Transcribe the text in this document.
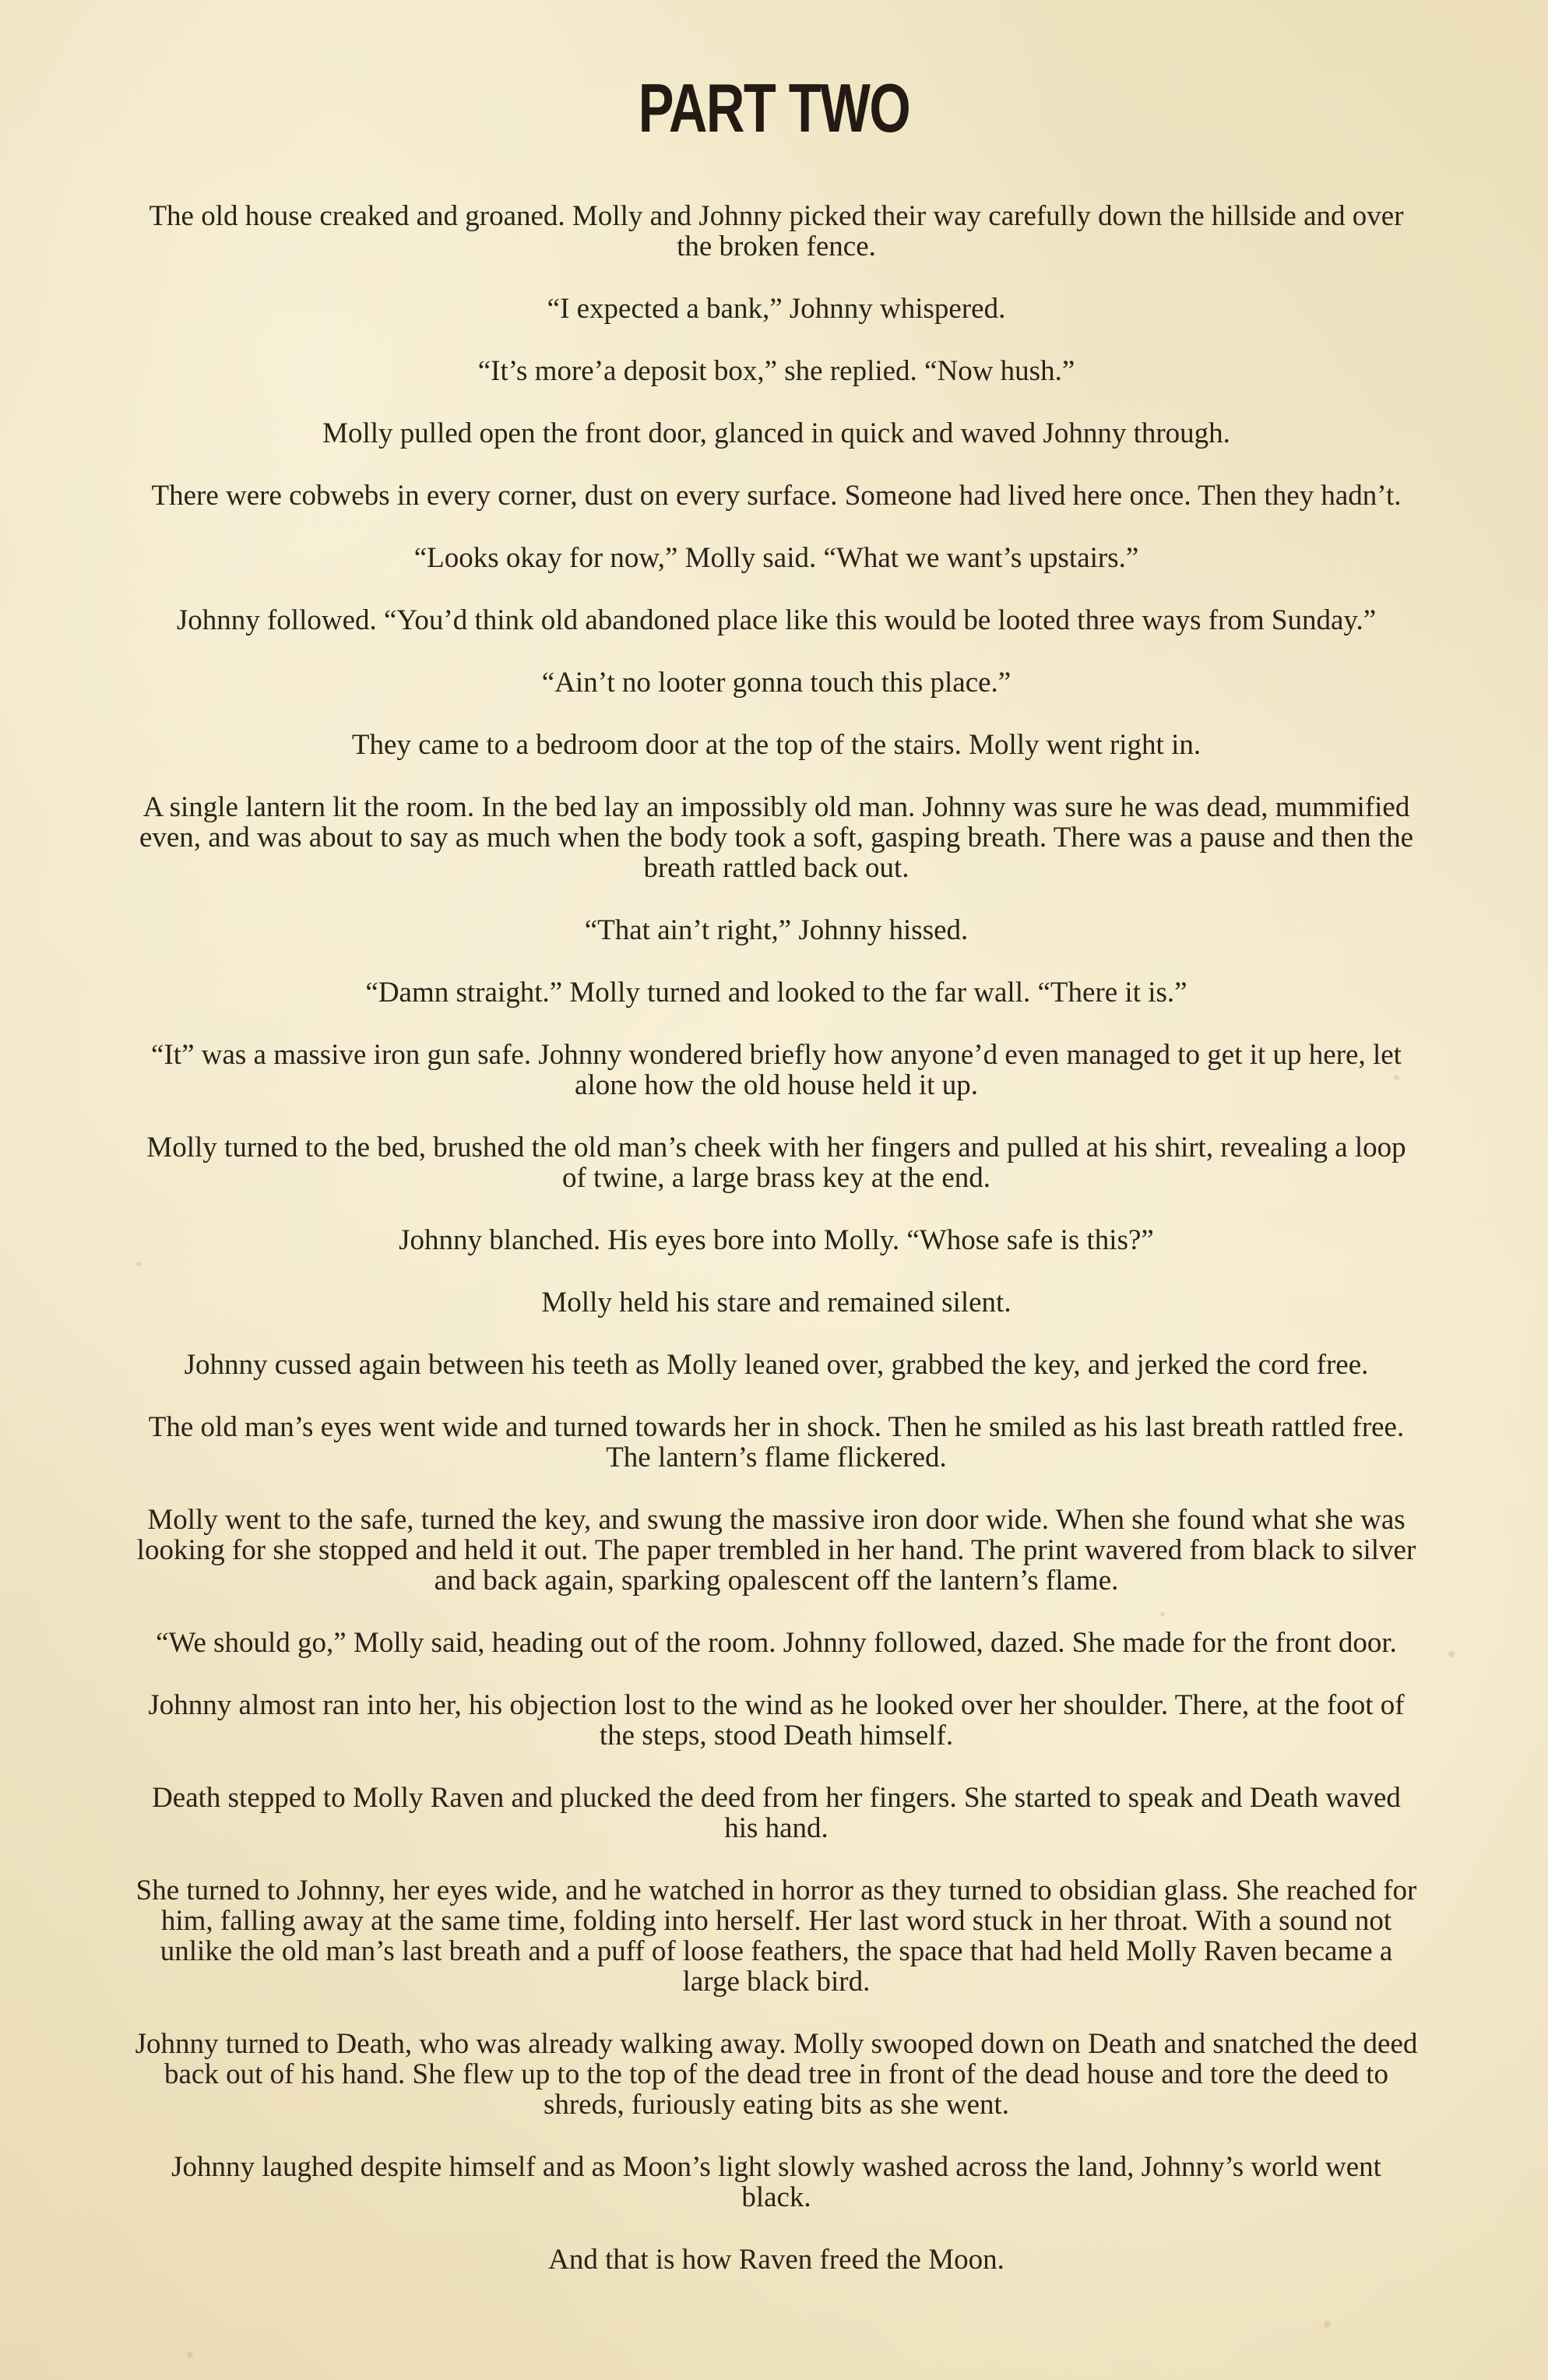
PART TWO

The old house creaked and groaned. Molly and Johnny picked their way carefully down the hillside and over the broken fence.

“I expected a bank,” Johnny whispered.

“It’s more’a deposit box,” she replied. “Now hush.”

Molly pulled open the front door, glanced in quick and waved Johnny through.

There were cobwebs in every corner, dust on every surface. Someone had lived here once. Then they hadn’t.

“Looks okay for now,” Molly said. “What we want’s upstairs.”

Johnny followed. “You’d think old abandoned place like this would be looted three ways from Sunday.”

“Ain’t no looter gonna touch this place.”

They came to a bedroom door at the top of the stairs. Molly went right in.

A single lantern lit the room. In the bed lay an impossibly old man. Johnny was sure he was dead, mummified even, and was about to say as much when the body took a soft, gasping breath. There was a pause and then the breath rattled back out.

“That ain’t right,” Johnny hissed.

“Damn straight.” Molly turned and looked to the far wall. “There it is.”

“It” was a massive iron gun safe. Johnny wondered briefly how anyone’d even managed to get it up here, let alone how the old house held it up.

Molly turned to the bed, brushed the old man’s cheek with her fingers and pulled at his shirt, revealing a loop of twine, a large brass key at the end.

Johnny blanched. His eyes bore into Molly. “Whose safe is this?”

Molly held his stare and remained silent.

Johnny cussed again between his teeth as Molly leaned over, grabbed the key, and jerked the cord free.

The old man’s eyes went wide and turned towards her in shock. Then he smiled as his last breath rattled free. The lantern’s flame flickered.

Molly went to the safe, turned the key, and swung the massive iron door wide. When she found what she was looking for she stopped and held it out. The paper trembled in her hand. The print wavered from black to silver and back again, sparking opalescent off the lantern’s flame.

“We should go,” Molly said, heading out of the room. Johnny followed, dazed. She made for the front door.

Johnny almost ran into her, his objection lost to the wind as he looked over her shoulder. There, at the foot of the steps, stood Death himself.

Death stepped to Molly Raven and plucked the deed from her fingers. She started to speak and Death waved his hand.

She turned to Johnny, her eyes wide, and he watched in horror as they turned to obsidian glass. She reached for him, falling away at the same time, folding into herself. Her last word stuck in her throat. With a sound not unlike the old man’s last breath and a puff of loose feathers, the space that had held Molly Raven became a large black bird.

Johnny turned to Death, who was already walking away. Molly swooped down on Death and snatched the deed back out of his hand. She flew up to the top of the dead tree in front of the dead house and tore the deed to shreds, furiously eating bits as she went.

Johnny laughed despite himself and as Moon’s light slowly washed across the land, Johnny’s world went black.

And that is how Raven freed the Moon.
